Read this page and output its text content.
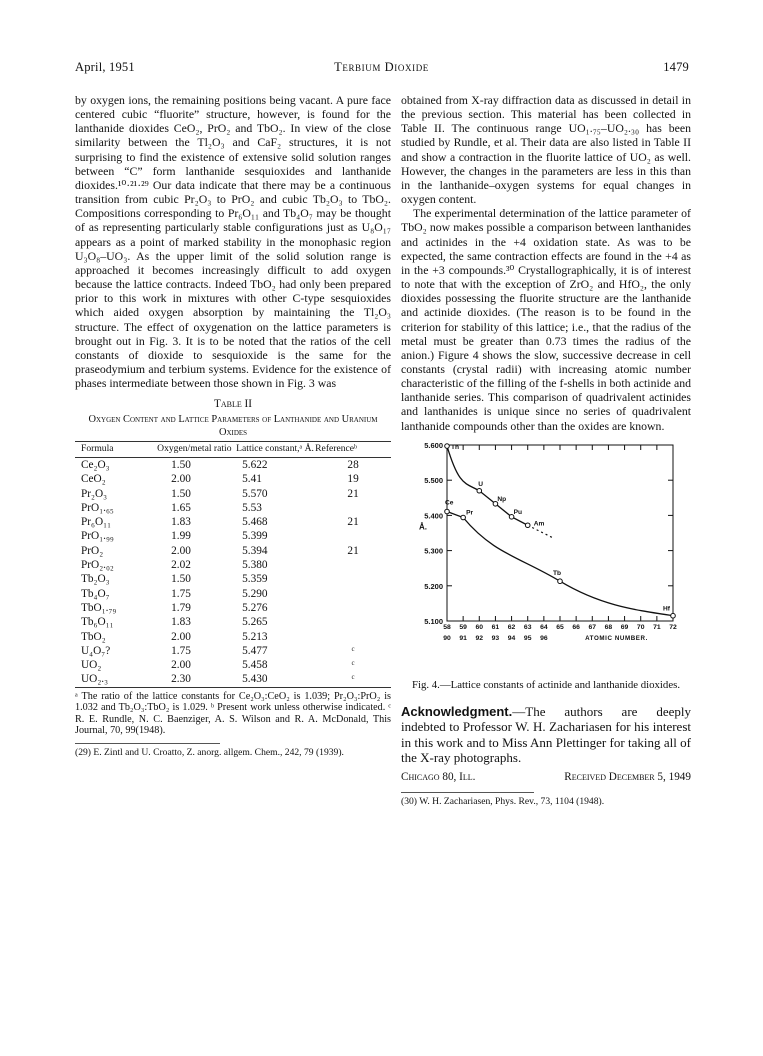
April, 1951	Terbium Dioxide	1479

by oxygen ions, the remaining positions being vacant. A pure face centered cubic “fluorite” structure, however, is found for the lanthanide dioxides CeO₂, PrO₂ and TbO₂. In view of the close similarity between the Tl₂O₃ and CaF₂ structures, it is not surprising to find the existence of extensive solid solution ranges between “C” form lanthanide sesquioxides and lanthanide dioxides.¹⁰·²¹·²⁹ Our data indicate that there may be a continuous transition from cubic Pr₂O₃ to PrO₂ and cubic Tb₂O₃ to TbO₂. Compositions corresponding to Pr₆O₁₁ and Tb₄O₇ may be thought of as representing particularly stable configurations just as U₈O₁₇ appears as a point of marked stability in the monophasic region U₃O₈–UO₃. As the upper limit of the solid solution range is approached it becomes increasingly difficult to add oxygen because the lattice contracts. Indeed TbO₂ had only been prepared prior to this work in mixtures with other C-type sesquioxides which aided oxygen absorption by maintaining the Tl₂O₃ structure. The effect of oxygenation on the lattice parameters is brought out in Fig. 3. It is to be noted that the ratios of the cell constants of dioxide to sesquioxide is the same for the praseodymium and terbium systems. Evidence for the existence of phases intermediate between those shown in Fig. 3 was

Table II
Oxygen Content and Lattice Parameters of Lanthanide and Uranium Oxides
Formula	Oxygen/metal ratio	Lattice constant,ᵃ Å.	Referenceᵇ
Ce₂O₃	1.50	5.622	28
CeO₂	2.00	5.41	19
Pr₂O₃	1.50	5.570	21
PrO₁.₆₅	1.65	5.53	
Pr₆O₁₁	1.83	5.468	21
PrO₁.₉₉	1.99	5.399	
PrO₂	2.00	5.394	21
PrO₂.₀₂	2.02	5.380	
Tb₂O₃	1.50	5.359	
Tb₄O₇	1.75	5.290	
TbO₁.₇₉	1.79	5.276	
Tb₆O₁₁	1.83	5.265	
TbO₂	2.00	5.213	
U₄O₇?	1.75	5.477	ᶜ
UO₂	2.00	5.458	ᶜ
UO₂.₃	2.30	5.430	ᶜ
ᵃ The ratio of the lattice constants for Ce₂O₃:CeO₂ is 1.039; Pr₂O₃:PrO₂ is 1.032 and Tb₂O₃:TbO₂ is 1.029. ᵇ Present work unless otherwise indicated. ᶜ R. E. Rundle, N. C. Baenziger, A. S. Wilson and R. A. McDonald, This Journal, 70, 99(1948).
(29) E. Zintl and U. Croatto, Z. anorg. allgem. Chem., 242, 79 (1939).

obtained from X-ray diffraction data as discussed in detail in the previous section. This material has been collected in Table II. The continuous range UO₁.₇₅–UO₂.₃₀ has been studied by Rundle, et al. Their data are also listed in Table II and show a contraction in the fluorite lattice of UO₂ as well. However, the changes in the parameters are less in this than in the lanthanide–oxygen systems for equal changes in oxygen content.

The experimental determination of the lattice parameter of TbO₂ now makes possible a comparison between lanthanides and actinides in the +4 oxidation state. As was to be expected, the same contraction effects are found in the +4 as in the +3 compounds.³⁰ Crystallographically, it is of interest to note that with the exception of ZrO₂ and HfO₂, the only dioxides possessing the fluorite structure are the lanthanide and actinide dioxides. (The reason is to be found in the criterion for stability of this lattice; i.e., that the radius of the metal must be greater than 0.73 times the radius of the anion.) Figure 4 shows the slow, successive decrease in cell constants (crystal radii) with increasing atomic number characteristic of the filling of the f-shells in both actinide and lanthanide series. This comparison of quadrivalent actinides and lanthanides is unique since no series of quadrivalent lanthanide compounds other than the oxides are known.

5.600
5.500
5.400
5.300
5.200
5.100
Å.
58 59 60 61 62 63 64 65 66 67 68 69 70 71 72
90 91 92 93 94 95 96	ATOMIC NUMBER.
Th
U
Np
Pu
Am
Ce
Pr
Tb
Hf
Fig. 4.—Lattice constants of actinide and lanthanide dioxides.
Acknowledgment.—The authors are deeply indebted to Professor W. H. Zachariasen for his interest in this work and to Miss Ann Plettinger for taking all of the X-ray photographs.
Chicago 80, Ill.	Received December 5, 1949
(30) W. H. Zachariasen, Phys. Rev., 73, 1104 (1948).
